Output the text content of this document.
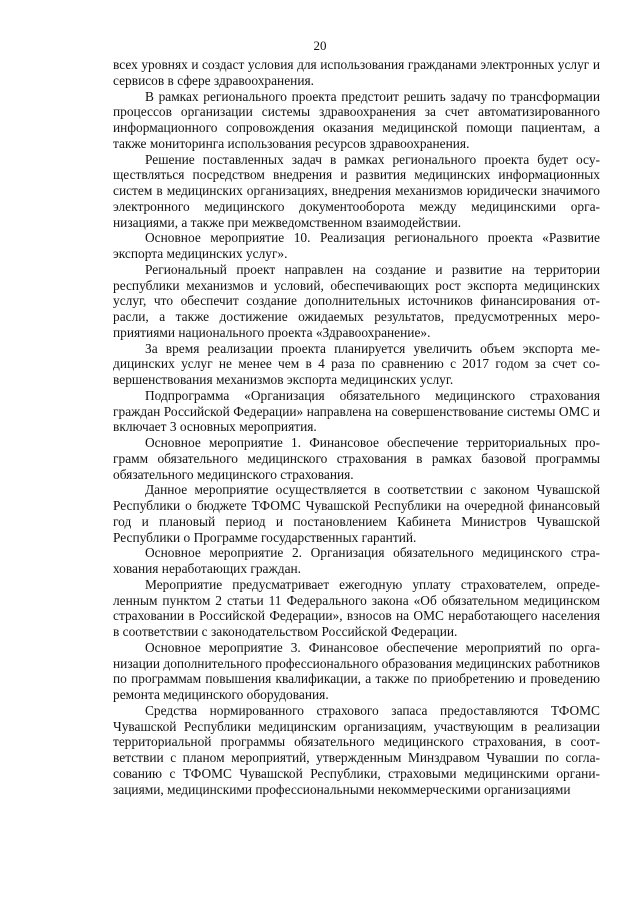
20

всех уровнях и создаст условия для использования гражданами электронных услуг и сервисов в сфере здравоохранения.

В рамках регионального проекта предстоит решить задачу по трансформации процессов организации системы здравоохранения за счет автоматизированного информационного сопровождения оказания медицинской помощи пациентам, а также мониторинга использования ресурсов здравоохранения.

Решение поставленных задач в рамках регионального проекта будет осуществляться посредством внедрения и развития медицинских информационных систем в медицинских организациях, внедрения механизмов юридически значимого электронного медицинского документооборота между медицинскими организациями, а также при межведомственном взаимодействии.

Основное мероприятие 10. Реализация регионального проекта «Развитие экспорта медицинских услуг».

Региональный проект направлен на создание и развитие на территории республики механизмов и условий, обеспечивающих рост экспорта медицинских услуг, что обеспечит создание дополнительных источников финансирования отрасли, а также достижение ожидаемых результатов, предусмотренных мероприятиями национального проекта «Здравоохранение».

За время реализации проекта планируется увеличить объем экспорта медицинских услуг не менее чем в 4 раза по сравнению с 2017 годом за счет совершенствования механизмов экспорта медицинских услуг.

Подпрограмма «Организация обязательного медицинского страхования граждан Российской Федерации» направлена на совершенствование системы ОМС и включает 3 основных мероприятия.

Основное мероприятие 1. Финансовое обеспечение территориальных программ обязательного медицинского страхования в рамках базовой программы обязательного медицинского страхования.

Данное мероприятие осуществляется в соответствии с законом Чувашской Республики о бюджете ТФОМС Чувашской Республики на очередной финансовый год и плановый период и постановлением Кабинета Министров Чувашской Республики о Программе государственных гарантий.

Основное мероприятие 2. Организация обязательного медицинского страхования неработающих граждан.

Мероприятие предусматривает ежегодную уплату страхователем, определенным пунктом 2 статьи 11 Федерального закона «Об обязательном медицинском страховании в Российской Федерации», взносов на ОМС неработающего населения в соответствии с законодательством Российской Федерации.

Основное мероприятие 3. Финансовое обеспечение мероприятий по организации дополнительного профессионального образования медицинских работников по программам повышения квалификации, а также по приобретению и проведению ремонта медицинского оборудования.

Средства нормированного страхового запаса предоставляются ТФОМС Чувашской Республики медицинским организациям, участвующим в реализации территориальной программы обязательного медицинского страхования, в соответствии с планом мероприятий, утвержденным Минздравом Чувашии по согласованию с ТФОМС Чувашской Республики, страховыми медицинскими организациями, медицинскими профессиональными некоммерческими организациями
